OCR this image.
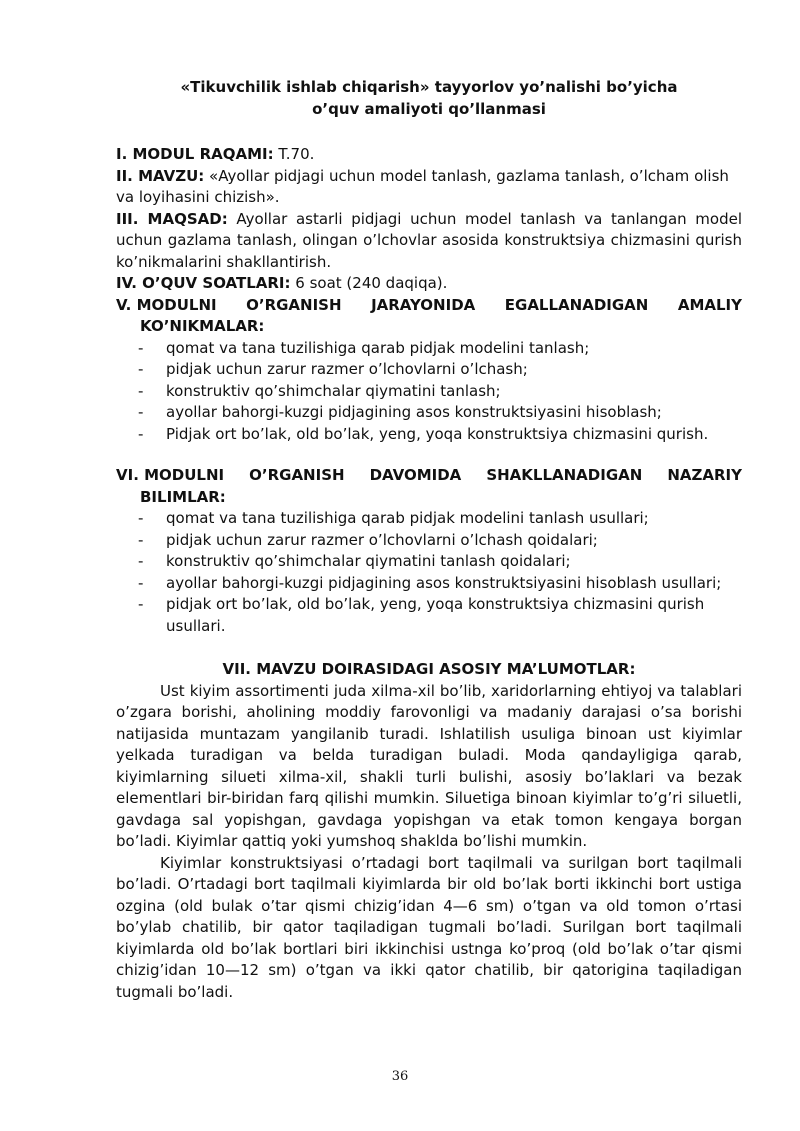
«Tikuvchilik ishlab chiqarish» tayyorlov yo’nalishi bo’yicha
o’quv amaliyoti qo’llanmasi

I. MODUL RAQAMI: T.70.

II. MAVZU: «Ayollar pidjagi uchun model tanlash, gazlama tanlash, o’lcham olish va loyihasini chizish».

III. MAQSAD: Ayollar astarli pidjagi uchun model tanlash va tanlangan model uchun gazlama tanlash, olingan o’lchovlar asosida konstruktsiya chizmasini qurish ko’nikmalarini shakllantirish.

IV. O’QUV SOATLARI: 6 soat (240 daqiqa).

V. MODULNI O’RGANISH JARAYONIDA EGALLANADIGAN AMALIY
KO’NIKMALAR:
- qomat va tana tuzilishiga qarab pidjak modelini tanlash;
- pidjak uchun zarur razmer o’lchovlarni o’lchash;
- konstruktiv qo’shimchalar qiymatini tanlash;
- ayollar bahorgi-kuzgi pidjagining asos konstruktsiyasini hisoblash;
- Pidjak ort bo’lak, old bo’lak, yeng, yoqa konstruktsiya chizmasini qurish.
VI. MODULNI O’RGANISH DAVOMIDA SHAKLLANADIGAN NAZARIY
BILIMLAR:
- qomat va tana tuzilishiga qarab pidjak modelini tanlash usullari;
- pidjak uchun zarur razmer o’lchovlarni o’lchash qoidalari;
- konstruktiv qo’shimchalar qiymatini tanlash qoidalari;
- ayollar bahorgi-kuzgi pidjagining asos konstruktsiyasini hisoblash usullari;
- pidjak ort bo’lak, old bo’lak, yeng, yoqa konstruktsiya chizmasini qurish usullari.
VII. MAVZU DOIRASIDAGI ASOSIY MA’LUMOTLAR:

Ust kiyim assortimenti juda xilma-xil bo’lib, xaridorlarning ehtiyoj va talablari o’zgara borishi, aholining moddiy farovonligi va madaniy darajasi o’sa borishi natijasida muntazam yangilanib turadi. Ishlatilish usuliga binoan ust kiyimlar yelkada turadigan va belda turadigan buladi. Moda qandayligiga qarab, kiyimlarning silueti xilma-xil, shakli turli bulishi, asosiy bo’laklari va bezak elementlari bir-biridan farq qilishi mumkin. Siluetiga binoan kiyimlar to’g’ri siluetli, gavdaga sal yopishgan, gavdaga yopishgan va etak tomon kengaya borgan bo’ladi. Kiyimlar qattiq yoki yumshoq shaklda bo’lishi mumkin.

Kiyimlar konstruktsiyasi o’rtadagi bort taqilmali va surilgan bort taqilmali bo’ladi. O’rtadagi bort taqilmali kiyimlarda bir old bo’lak borti ikkinchi bort ustiga ozgina (old bulak o’tar qismi chizig’idan 4—6 sm) o’tgan va old tomon o’rtasi bo’ylab chatilib, bir qator taqiladigan tugmali bo’ladi. Surilgan bort taqilmali kiyimlarda old bo’lak bortlari biri ikkinchisi ustnga ko’proq (old bo’lak o’tar qismi chizig’idan 10—12 sm) o’tgan va ikki qator chatilib, bir qatorigina taqiladigan tugmali bo’ladi.

36
